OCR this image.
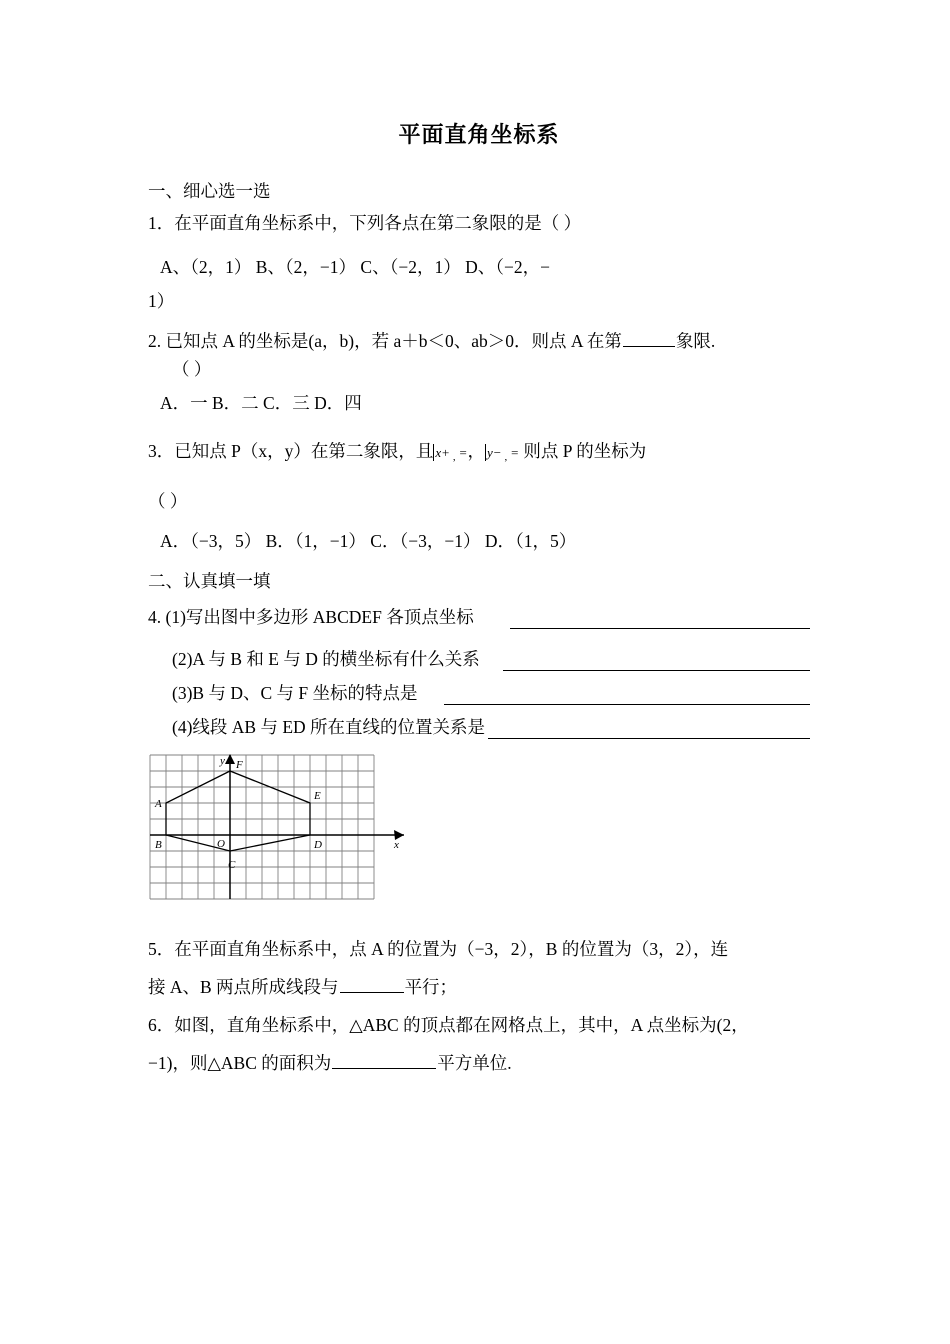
平面直角坐标系
一、细心选一选
1．在平面直角坐标系中，下列各点在第二象限的是（ ）
A、（2，1） B、（2，−1） C、（−2，1） D、（−2，−
1）
2. 已知点 A 的坐标是(a，b)，若 a＋b＜0、ab＞0．则点 A 在第	象限.
（ ）
A．一 B．二 C．三 D．四
3．已知点 P（x，y）在第二象限，且 x+ , =， y− , = 则点 P 的坐标为
（ ）
A．（−3，5） B．（1，−1） C．（−3，−1） D．（1，5）
二、认真填一填
4. (1)写出图中多边形 ABCDEF 各顶点坐标
(2)A 与 B 和 E 与 D 的横坐标有什么关系
(3)B 与 D、C 与 F 坐标的特点是
(4)线段 AB 与 ED 所在直线的位置关系是
A
B
C
D
E
F
O	x
y
5．在平面直角坐标系中，点 A 的位置为（−3，2），B 的位置为（3，2），连
接 A、B 两点所成线段与	平行；
6．如图，直角坐标系中，△ABC 的顶点都在网格点上，其中，A 点坐标为(2，
−1)，则△ABC 的面积为	平方单位.
